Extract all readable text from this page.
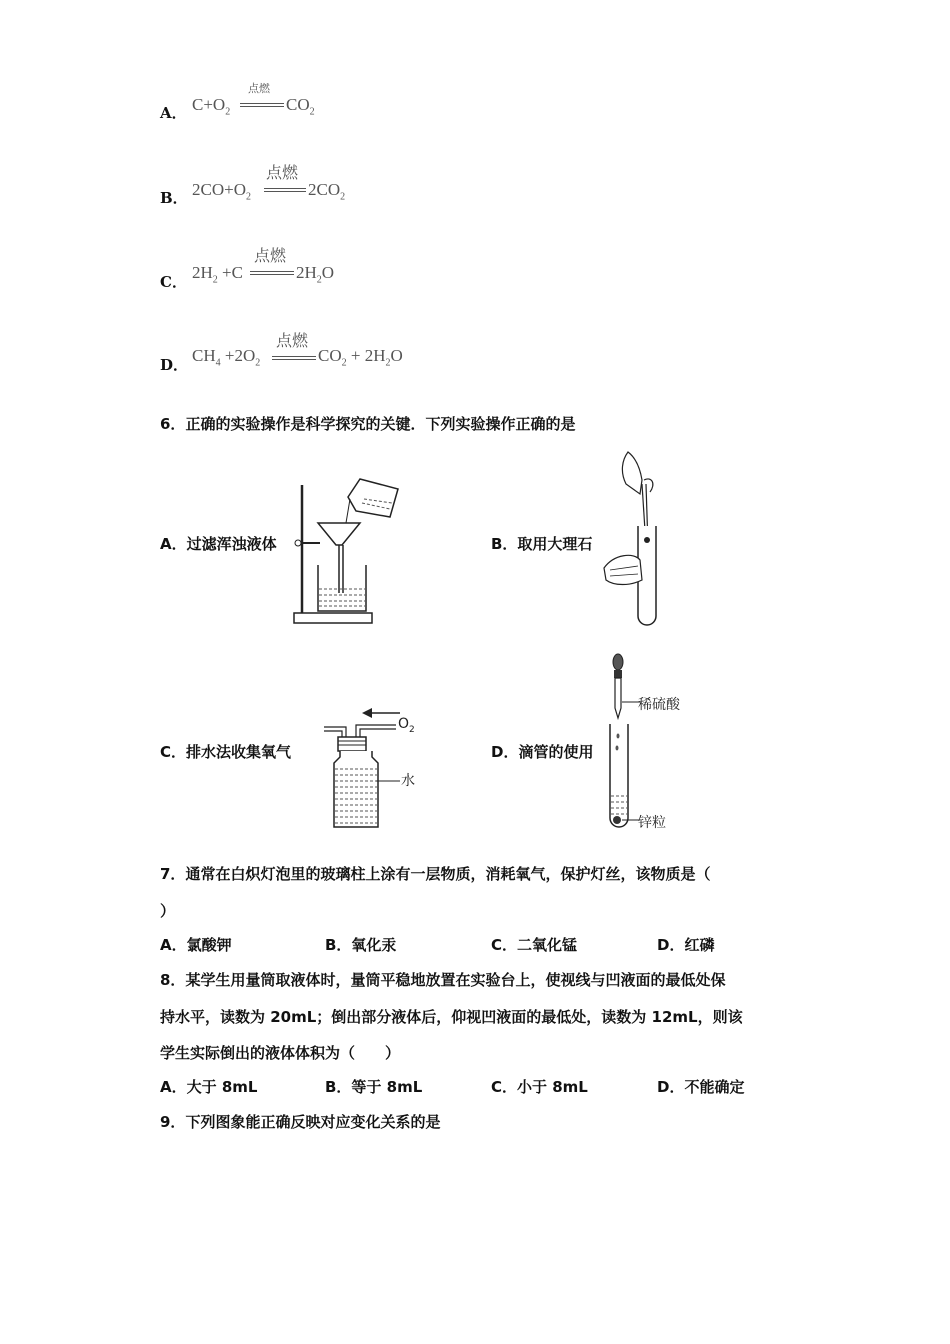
A． $C+O_2$
点燃
$CO_2$
B． $2CO+O_2$
点燃
$2CO_2$
C． $2H_2 +C$
点燃
$2H_2O$
D． $CH_4 +2O_2$
点燃
$CO_2 + 2H_2O$
6．正确的实验操作是科学探究的关键．下列实验操作正确的是
A．过滤浑浊液体	B．取用大理石
C．排水法收集氧气
$O_2$
水
D．滴管的使用
稀硫酸
锌粒
7．通常在白炽灯泡里的玻璃柱上涂有一层物质，消耗氧气，保护灯丝，该物质是（
）
A．氯酸钾	B．氧化汞	C．二氧化锰	D．红磷
8．某学生用量筒取液体时，量筒平稳地放置在实验台上，使视线与凹液面的最低处保
持水平，读数为 20mL；倒出部分液体后，仰视凹液面的最低处，读数为 12mL，则该
学生实际倒出的液体体积为（　　）
A．大于 8mL	B．等于 8mL	C．小于 8mL	D．不能确定
9．下列图象能正确反映对应变化关系的是
